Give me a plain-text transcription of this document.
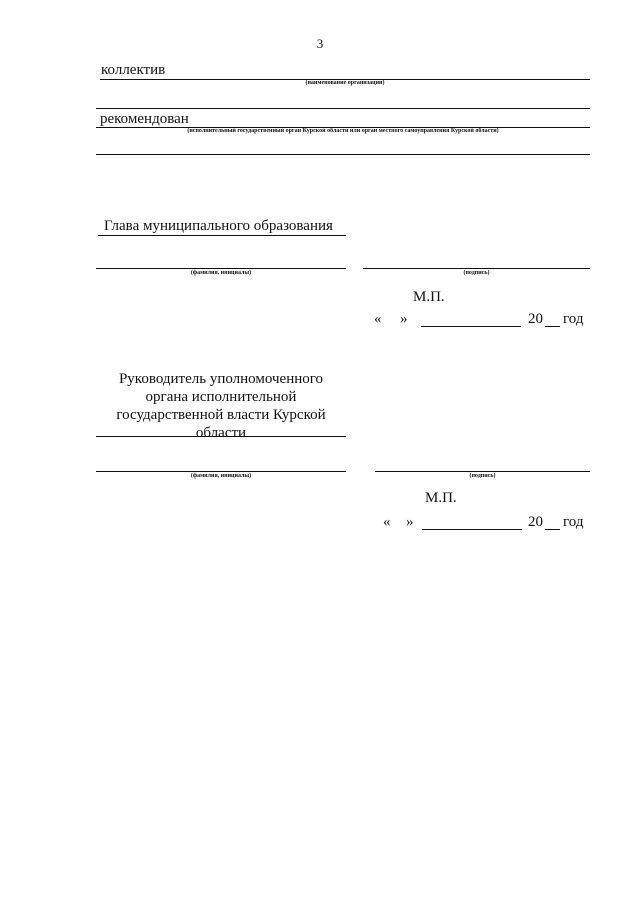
3
коллектив
(наименование организации)
рекомендован
(исполнительный государственный орган Курской области или орган местного самоуправления Курской области)
Глава муниципального образования
(фамилия, инициалы)	(подпись)
М.П.
« »	20 год
Руководитель уполномоченного
органа исполнительной
государственной власти Курской
области
(фамилия, инициалы)	(подпись)
М.П.
« »	20 год
